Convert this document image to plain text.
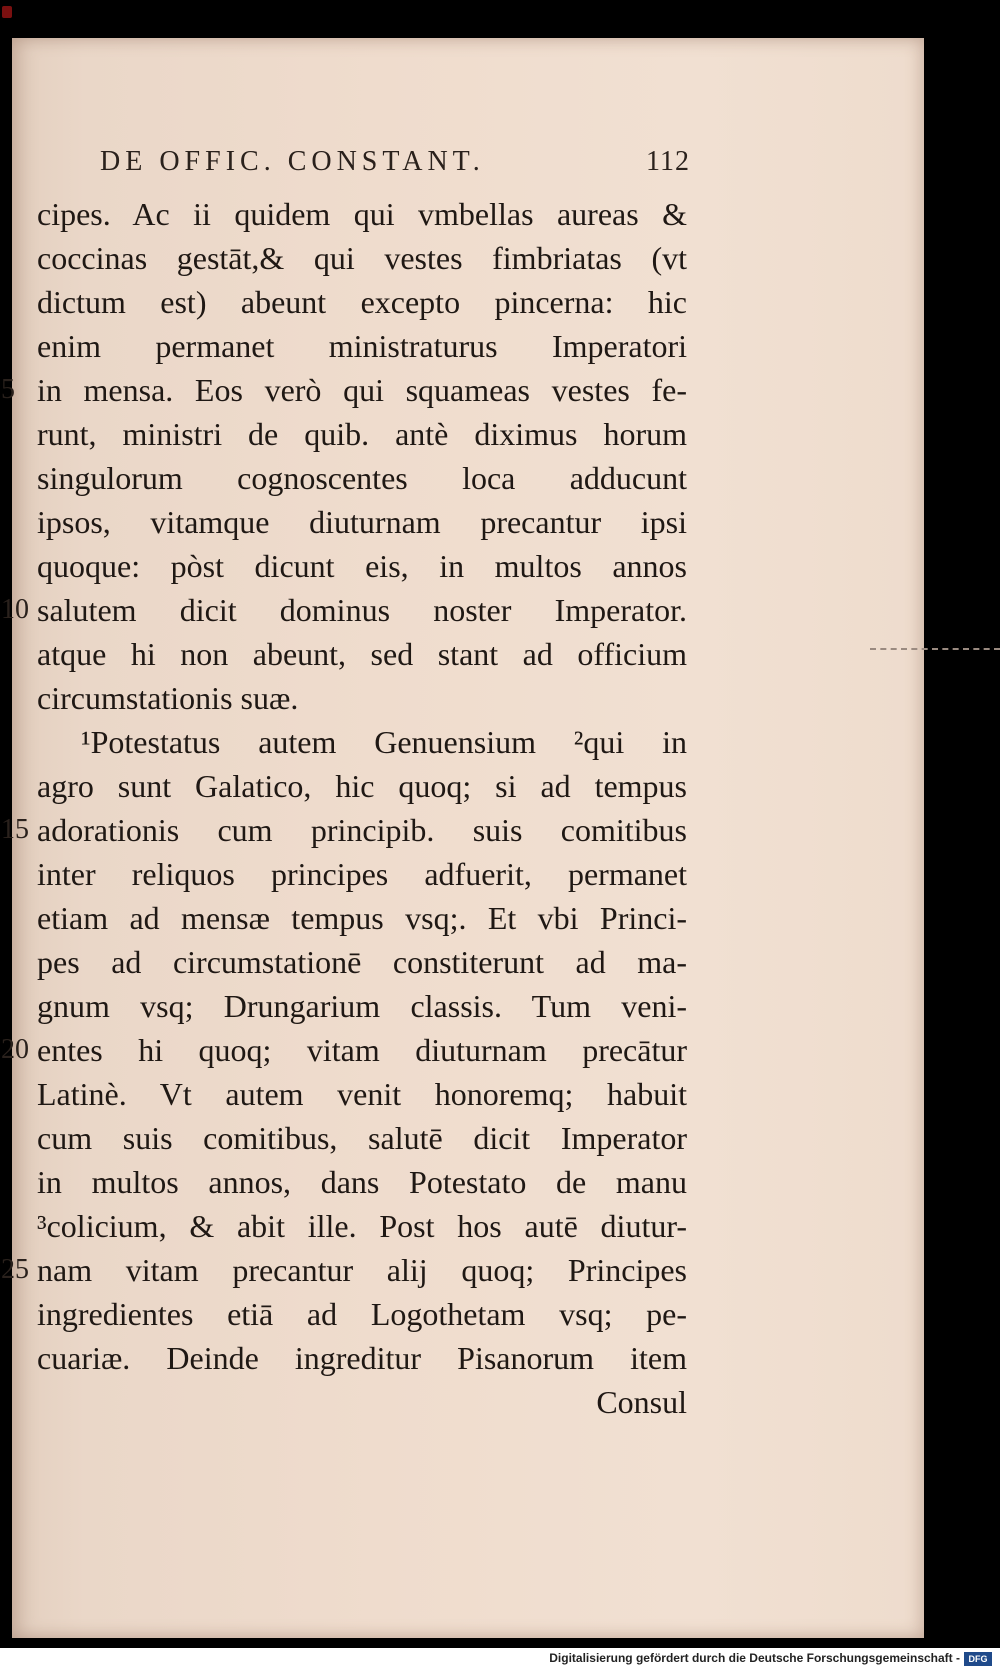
DE OFFIC. CONSTANT.	112
cipes. Ac ii quidem qui vmbellas aureas &
coccinas gestāt,& qui vestes fimbriatas (vt
dictum est) abeunt excepto pincerna: hic
enim permanet ministraturus Imperatori
5 in mensa. Eos verò qui squameas vestes fe-
runt, ministri de quib. antè diximus horum
singulorum cognoscentes loca adducunt
ipsos, vitamque diuturnam precantur ipsi
quoque: pòst dicunt eis, in multos annos
10 salutem dicit dominus noster Imperator.
atque hi non abeunt, sed stant ad officium
circumstationis suæ.
¹Potestatus autem Genuensium ²qui in
agro sunt Galatico, hic quoq; si ad tempus
15 adorationis cum principib. suis comitibus
inter reliquos principes adfuerit, permanet
etiam ad mensæ tempus vsq;. Et vbi Princi-
pes ad circumstationē constiterunt ad ma-
gnum vsq; Drungarium classis. Tum veni-
20 entes hi quoq; vitam diuturnam precātur
Latinè. Vt autem venit honoremq; habuit
cum suis comitibus, salutē dicit Imperator
in multos annos, dans Potestato de manu
³colicium, & abit ille. Post hos autē diutur-
25 nam vitam precantur alij quoq; Principes
ingredientes etiā ad Logothetam vsq; pe-
cuariæ. Deinde ingreditur Pisanorum item
Consul
Digitalisierung gefördert durch die Deutsche Forschungsgemeinschaft - DFG
